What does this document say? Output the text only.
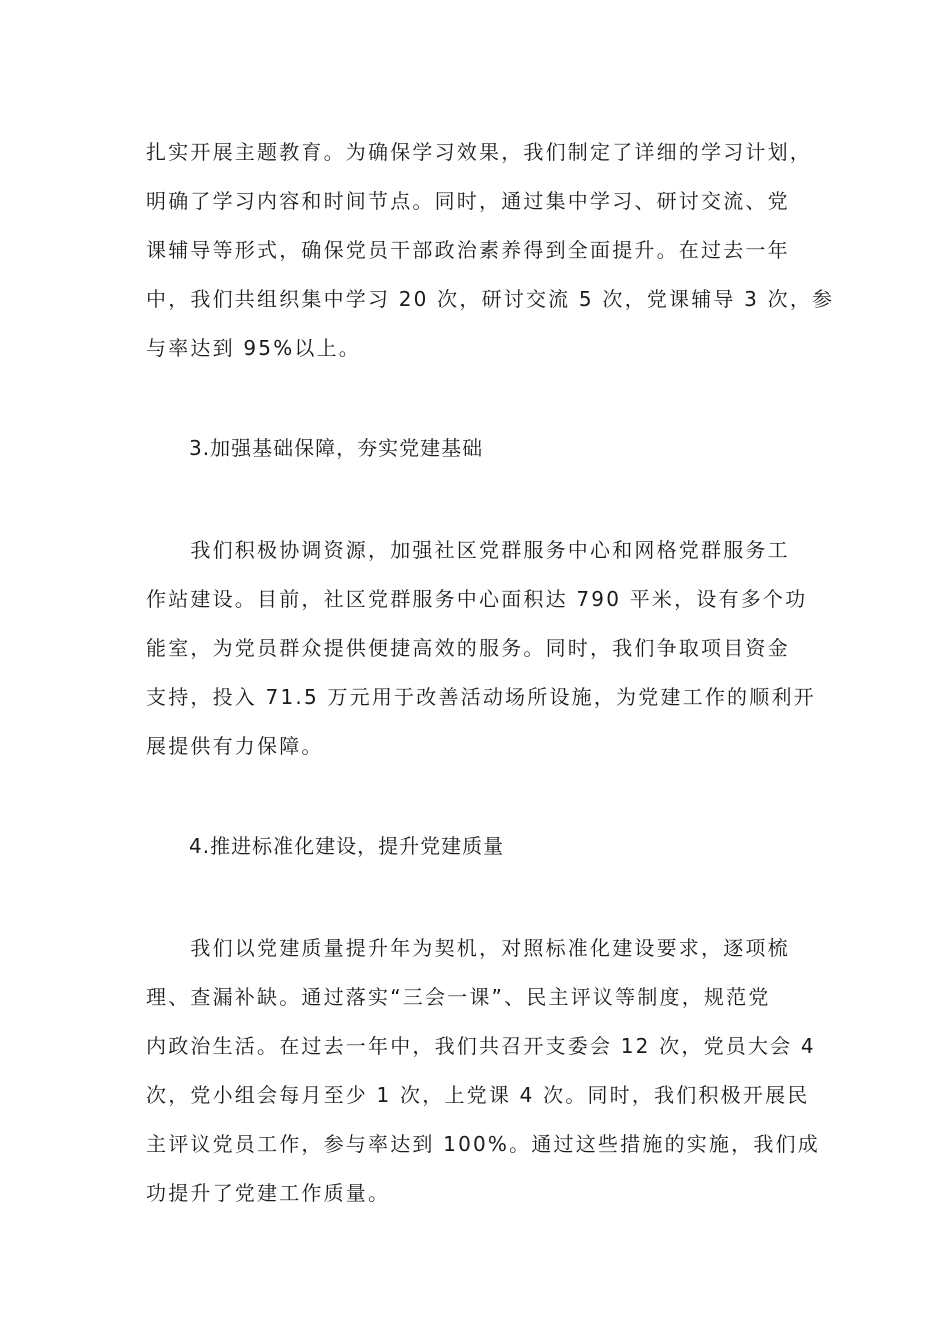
扎实开展主题教育。为确保学习效果，我们制定了详细的学习计划，
明确了学习内容和时间节点。同时，通过集中学习、研讨交流、党
课辅导等形式，确保党员干部政治素养得到全面提升。在过去一年
中，我们共组织集中学习 20 次，研讨交流 5 次，党课辅导 3 次，参
与率达到 95%以上。
3.加强基础保障，夯实党建基础
　　我们积极协调资源，加强社区党群服务中心和网格党群服务工
作站建设。目前，社区党群服务中心面积达 790 平米，设有多个功
能室，为党员群众提供便捷高效的服务。同时，我们争取项目资金
支持，投入 71.5 万元用于改善活动场所设施，为党建工作的顺利开
展提供有力保障。
4.推进标准化建设，提升党建质量
　　我们以党建质量提升年为契机，对照标准化建设要求，逐项梳
理、查漏补缺。通过落实“三会一课”、民主评议等制度，规范党
内政治生活。在过去一年中，我们共召开支委会 12 次，党员大会 4
次，党小组会每月至少 1 次，上党课 4 次。同时，我们积极开展民
主评议党员工作，参与率达到 100%。通过这些措施的实施，我们成
功提升了党建工作质量。
